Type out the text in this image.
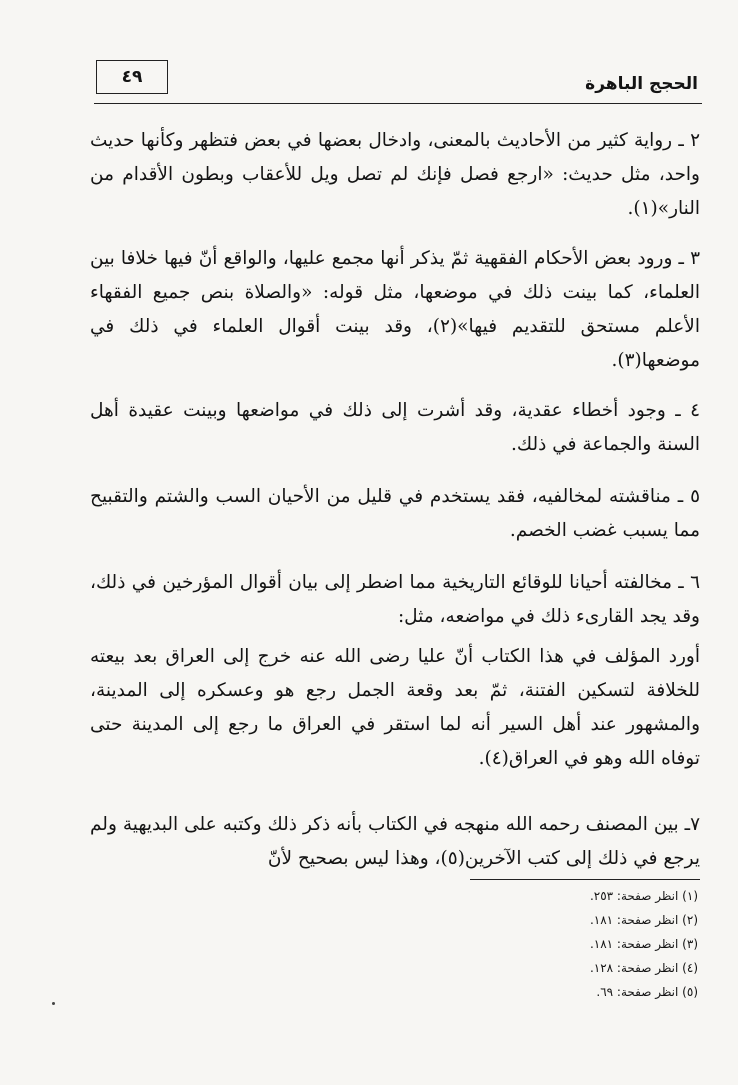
الحجج الباهرة
٤٩

٢ ـ رواية كثير من الأحاديث بالمعنى، وادخال بعضها في بعض فتظهر وكأنها حديث واحد، مثل حديث: «ارجع فصل فإنك لم تصل ويل للأعقاب وبطون الأقدام من النار»(١).

٣ ـ ورود بعض الأحكام الفقهية ثمّ يذكر أنها مجمع عليها، والواقع أنّ فيها خلافا بين العلماء، كما بينت ذلك في موضعها، مثل قوله: «والصلاة بنص جميع الفقهاء الأعلم مستحق للتقديم فيها»(٢)، وقد بينت أقوال العلماء في ذلك في موضعها(٣).

٤ ـ وجود أخطاء عقدية، وقد أشرت إلى ذلك في مواضعها وبينت عقيدة أهل السنة والجماعة في ذلك.

٥ ـ مناقشته لمخالفيه، فقد يستخدم في قليل من الأحيان السب والشتم والتقبيح مما يسبب غضب الخصم.

٦ ـ مخالفته أحيانا للوقائع التاريخية مما اضطر إلى بيان أقوال المؤرخين في ذلك، وقد يجد القارىء ذلك في مواضعه، مثل:

أورد المؤلف في هذا الكتاب أنّ عليا رضى الله عنه خرج إلى العراق بعد بيعته للخلافة لتسكين الفتنة، ثمّ بعد وقعة الجمل رجع هو وعسكره إلى المدينة، والمشهور عند أهل السير أنه لما استقر في العراق ما رجع إلى المدينة حتى توفاه الله وهو في العراق(٤).

٧ـ بين المصنف رحمه الله منهجه في الكتاب بأنه ذكر ذلك وكتبه على البديهية ولم يرجع في ذلك إلى كتب الآخرين(٥)، وهذا ليس بصحيح لأنّ

(١) انظر صفحة: ٢٥٣.
(٢) انظر صفحة: ١٨١.
(٣) انظر صفحة: ١٨١.
(٤) انظر صفحة: ١٢٨.
(٥) انظر صفحة: ٦٩.
